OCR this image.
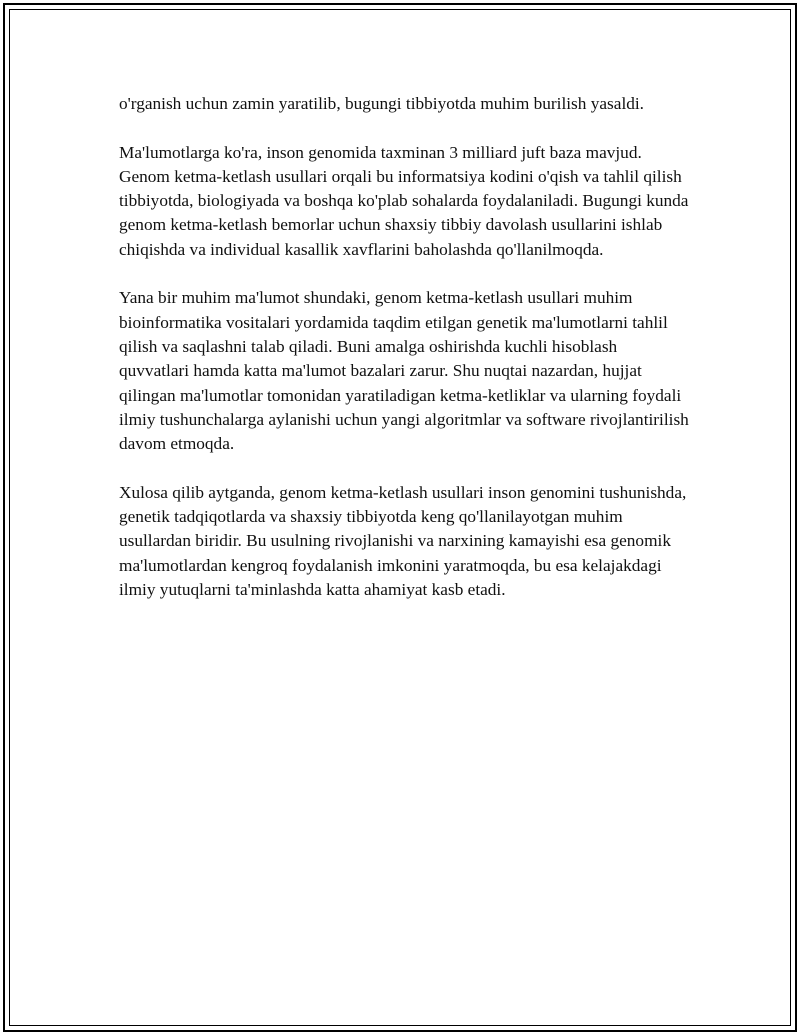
o'rganish uchun zamin yaratilib, bugungi tibbiyotda muhim burilish yasaldi.

Ma'lumotlarga ko'ra, inson genomida taxminan 3 milliard juft baza mavjud. Genom ketma-ketlash usullari orqali bu informatsiya kodini o'qish va tahlil qilish tibbiyotda, biologiyada va boshqa ko'plab sohalarda foydalaniladi. Bugungi kunda genom ketma-ketlash bemorlar uchun shaxsiy tibbiy davolash usullarini ishlab chiqishda va individual kasallik xavflarini baholashda qo'llanilmoqda.

Yana bir muhim ma'lumot shundaki, genom ketma-ketlash usullari muhim bioinformatika vositalari yordamida taqdim etilgan genetik ma'lumotlarni tahlil qilish va saqlashni talab qiladi. Buni amalga oshirishda kuchli hisoblash quvvatlari hamda katta ma'lumot bazalari zarur. Shu nuqtai nazardan, hujjat qilingan ma'lumotlar tomonidan yaratiladigan ketma-ketliklar va ularning foydali ilmiy tushunchalarga aylanishi uchun yangi algoritmlar va software rivojlantirilish davom etmoqda.

Xulosa qilib aytganda, genom ketma-ketlash usullari inson genomini tushunishda, genetik tadqiqotlarda va shaxsiy tibbiyotda keng qo'llanilayotgan muhim usullardan biridir. Bu usulning rivojlanishi va narxining kamayishi esa genomik ma'lumotlardan kengroq foydalanish imkonini yaratmoqda, bu esa kelajakdagi ilmiy yutuqlarni ta'minlashda katta ahamiyat kasb etadi.
